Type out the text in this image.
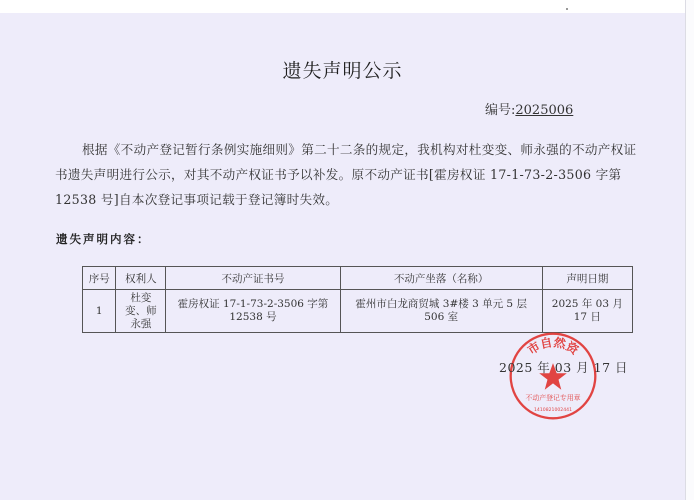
遗失声明公示
编号:2025006
根据《不动产登记暂行条例实施细则》第二十二条的规定，我机构对杜变变、师永强的不动产权证书遗失声明进行公示，对其不动产权证书予以补发。原不动产证书[霍房权证 17-1-73-2-3506 字第 12538 号]自本次登记事项记载于登记簿时失效。
遗失声明内容：
序号	权利人	不动产证书号	不动产坐落（名称）	声明日期
1	杜变变、师永强	霍房权证 17-1-73-2-3506 字第 12538 号	霍州市白龙商贸城 3#楼 3 单元 5 层 506 室	2025 年 03 月 17 日
市自然资
不动产登记专用章
1410821002441
2025 年 03 月 17 日
